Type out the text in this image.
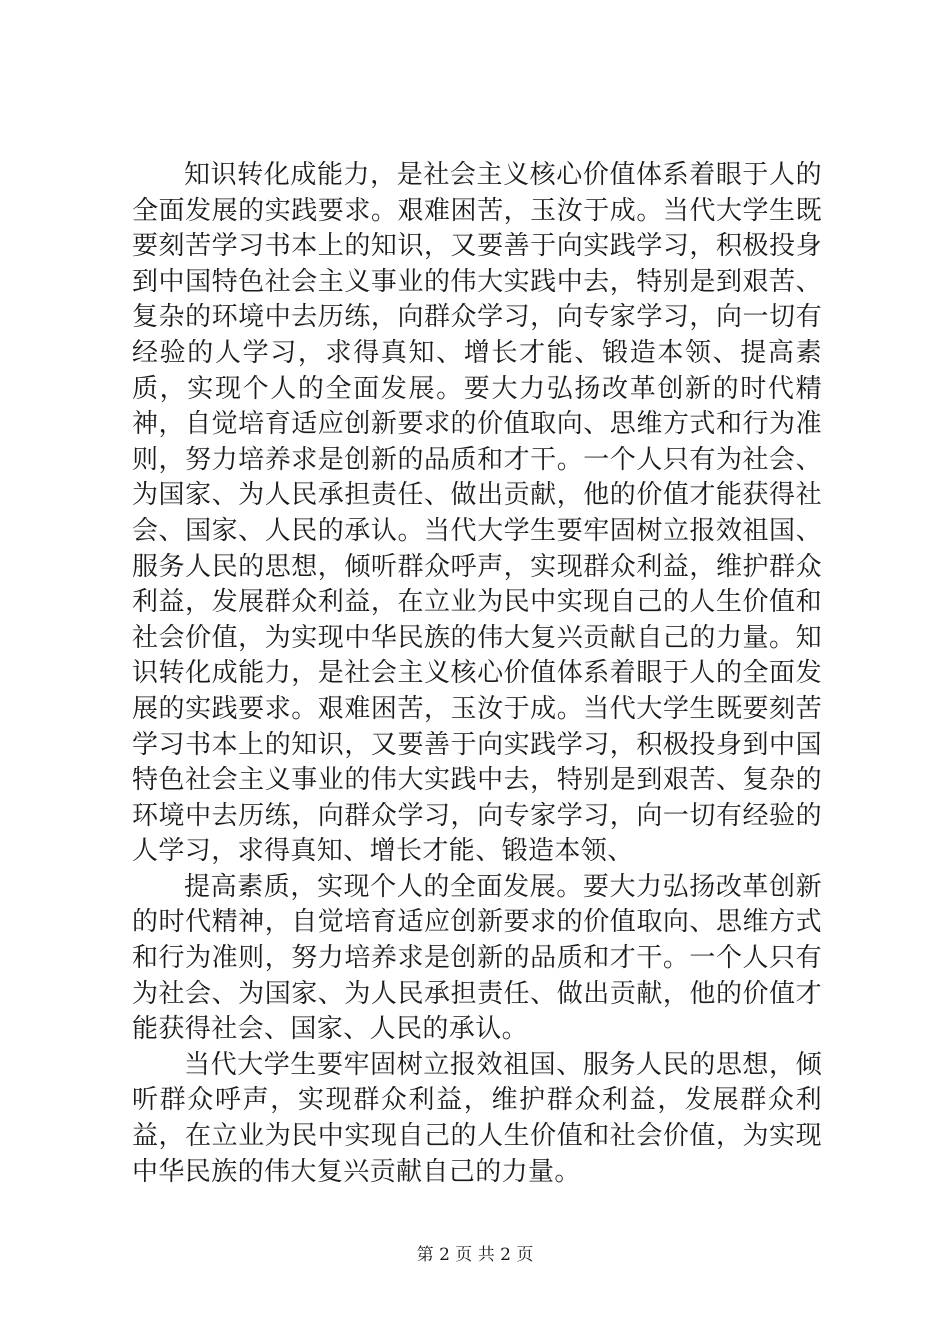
知识转化成能力，是社会主义核心价值体系着眼于人的全面发展的实践要求。艰难困苦，玉汝于成。当代大学生既要刻苦学习书本上的知识，又要善于向实践学习，积极投身到中国特色社会主义事业的伟大实践中去，特别是到艰苦、复杂的环境中去历练，向群众学习，向专家学习，向一切有经验的人学习，求得真知、增长才能、锻造本领、提高素质，实现个人的全面发展。要大力弘扬改革创新的时代精神，自觉培育适应创新要求的价值取向、思维方式和行为准则，努力培养求是创新的品质和才干。一个人只有为社会、为国家、为人民承担责任、做出贡献，他的价值才能获得社会、国家、人民的承认。当代大学生要牢固树立报效祖国、服务人民的思想，倾听群众呼声，实现群众利益，维护群众利益，发展群众利益，在立业为民中实现自己的人生价值和社会价值，为实现中华民族的伟大复兴贡献自己的力量。知识转化成能力，是社会主义核心价值体系着眼于人的全面发展的实践要求。艰难困苦，玉汝于成。当代大学生既要刻苦学习书本上的知识，又要善于向实践学习，积极投身到中国特色社会主义事业的伟大实践中去，特别是到艰苦、复杂的环境中去历练，向群众学习，向专家学习，向一切有经验的人学习，求得真知、增长才能、锻造本领、

提高素质，实现个人的全面发展。要大力弘扬改革创新的时代精神，自觉培育适应创新要求的价值取向、思维方式和行为准则，努力培养求是创新的品质和才干。一个人只有为社会、为国家、为人民承担责任、做出贡献，他的价值才能获得社会、国家、人民的承认。

当代大学生要牢固树立报效祖国、服务人民的思想，倾听群众呼声，实现群众利益，维护群众利益，发展群众利益，在立业为民中实现自己的人生价值和社会价值，为实现中华民族的伟大复兴贡献自己的力量。

第 2 页 共 2 页
